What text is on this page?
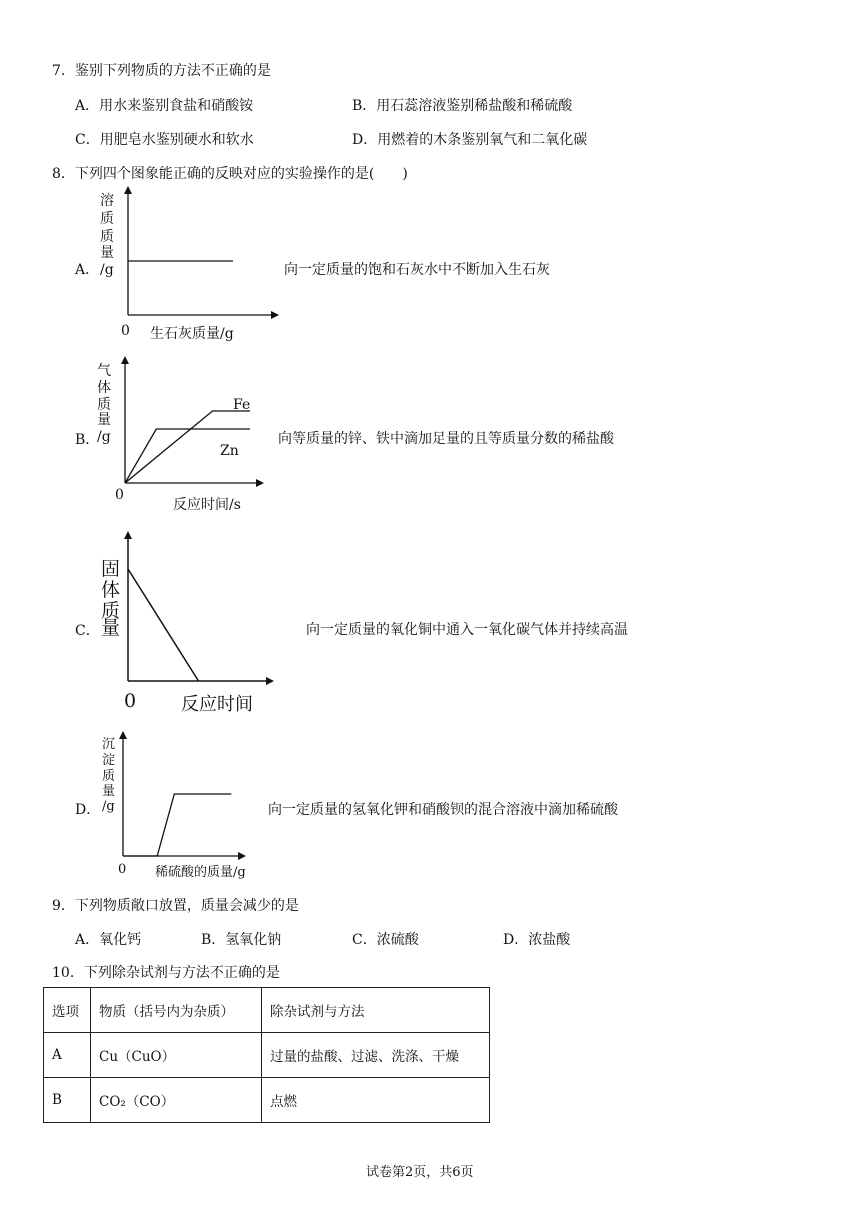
7．鉴别下列物质的方法不正确的是
A．用水来鉴别食盐和硝酸铵	B．用石蕊溶液鉴别稀盐酸和稀硫酸
C．用肥皂水鉴别硬水和软水	D．用燃着的木条鉴别氧气和二氧化碳
8．下列四个图象能正确的反映对应的实验操作的是(　　)
A．
溶
质
质
量
/g
0 生石灰质量/g
向一定质量的饱和石灰水中不断加入生石灰
B．
气
体
质
量
/g
0
反应时间/s
Fe
Zn
向等质量的锌、铁中滴加足量的且等质量分数的稀盐酸
C．
固
体
质
量
0 反应时间
向一定质量的氧化铜中通入一氧化碳气体并持续高温
D．
沉
淀
质
量
/g
0 稀硫酸的质量/g
向一定质量的氢氧化钾和硝酸钡的混合溶液中滴加稀硫酸
9．下列物质敞口放置，质量会减少的是
A．氧化钙	B．氢氧化钠	C．浓硫酸	D．浓盐酸
10．下列除杂试剂与方法不正确的是
选项	物质（括号内为杂质）	除杂试剂与方法
A	Cu（CuO）	过量的盐酸、过滤、洗涤、干燥
B	CO₂（CO）	点燃
试卷第2页，共6页
